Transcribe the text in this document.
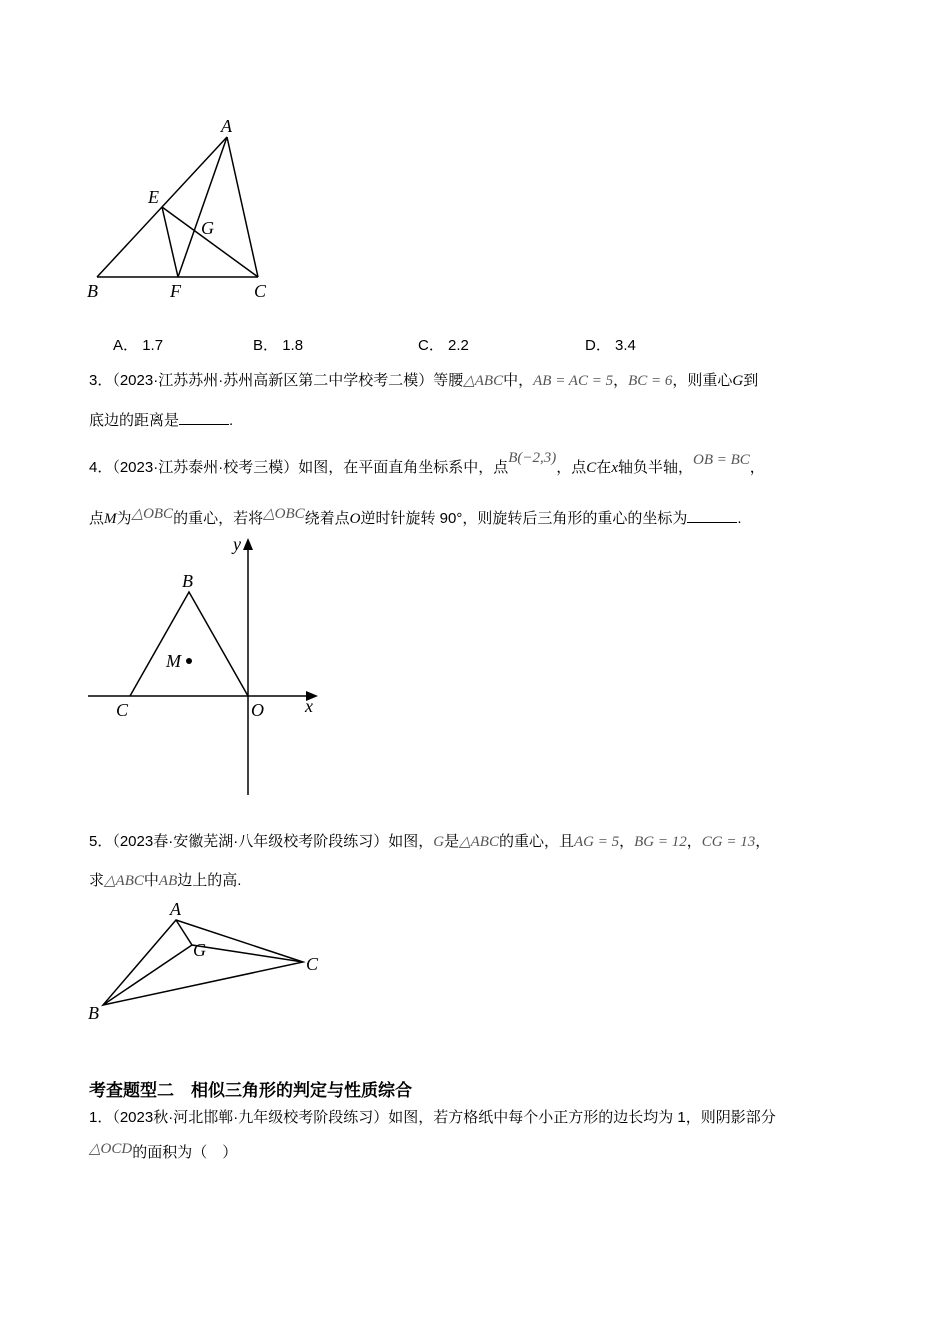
A
E
G
B	F	C
B
M
C	O x
y
A
G
C
B
A． 1.7	B． 1.8	C． 2.2	D． 3.4
3．（2023·江苏苏州·苏州高新区第二中学校考二模）等腰△ABC中，AB = AC = 5，BC = 6，则重心G到
底边的距离是	.
4．（2023·江苏泰州·校考三模）如图，在平面直角坐标系中，点B(−2,3)，点C在x轴负半轴，OB = BC，
点M为△OBC的重心，若将△OBC绕着点O逆时针旋转 90°，则旋转后三角形的重心的坐标为	.
5．（2023春·安徽芜湖·八年级校考阶段练习）如图，G是△ABC的重心，且AG = 5，BG = 12，CG = 13，
求△ABC中AB边上的高.
考查题型二　相似三角形的判定与性质综合
1．（2023秋·河北邯郸·九年级校考阶段练习）如图，若方格纸中每个小正方形的边长均为 1，则阴影部分
△OCD的面积为（　）
